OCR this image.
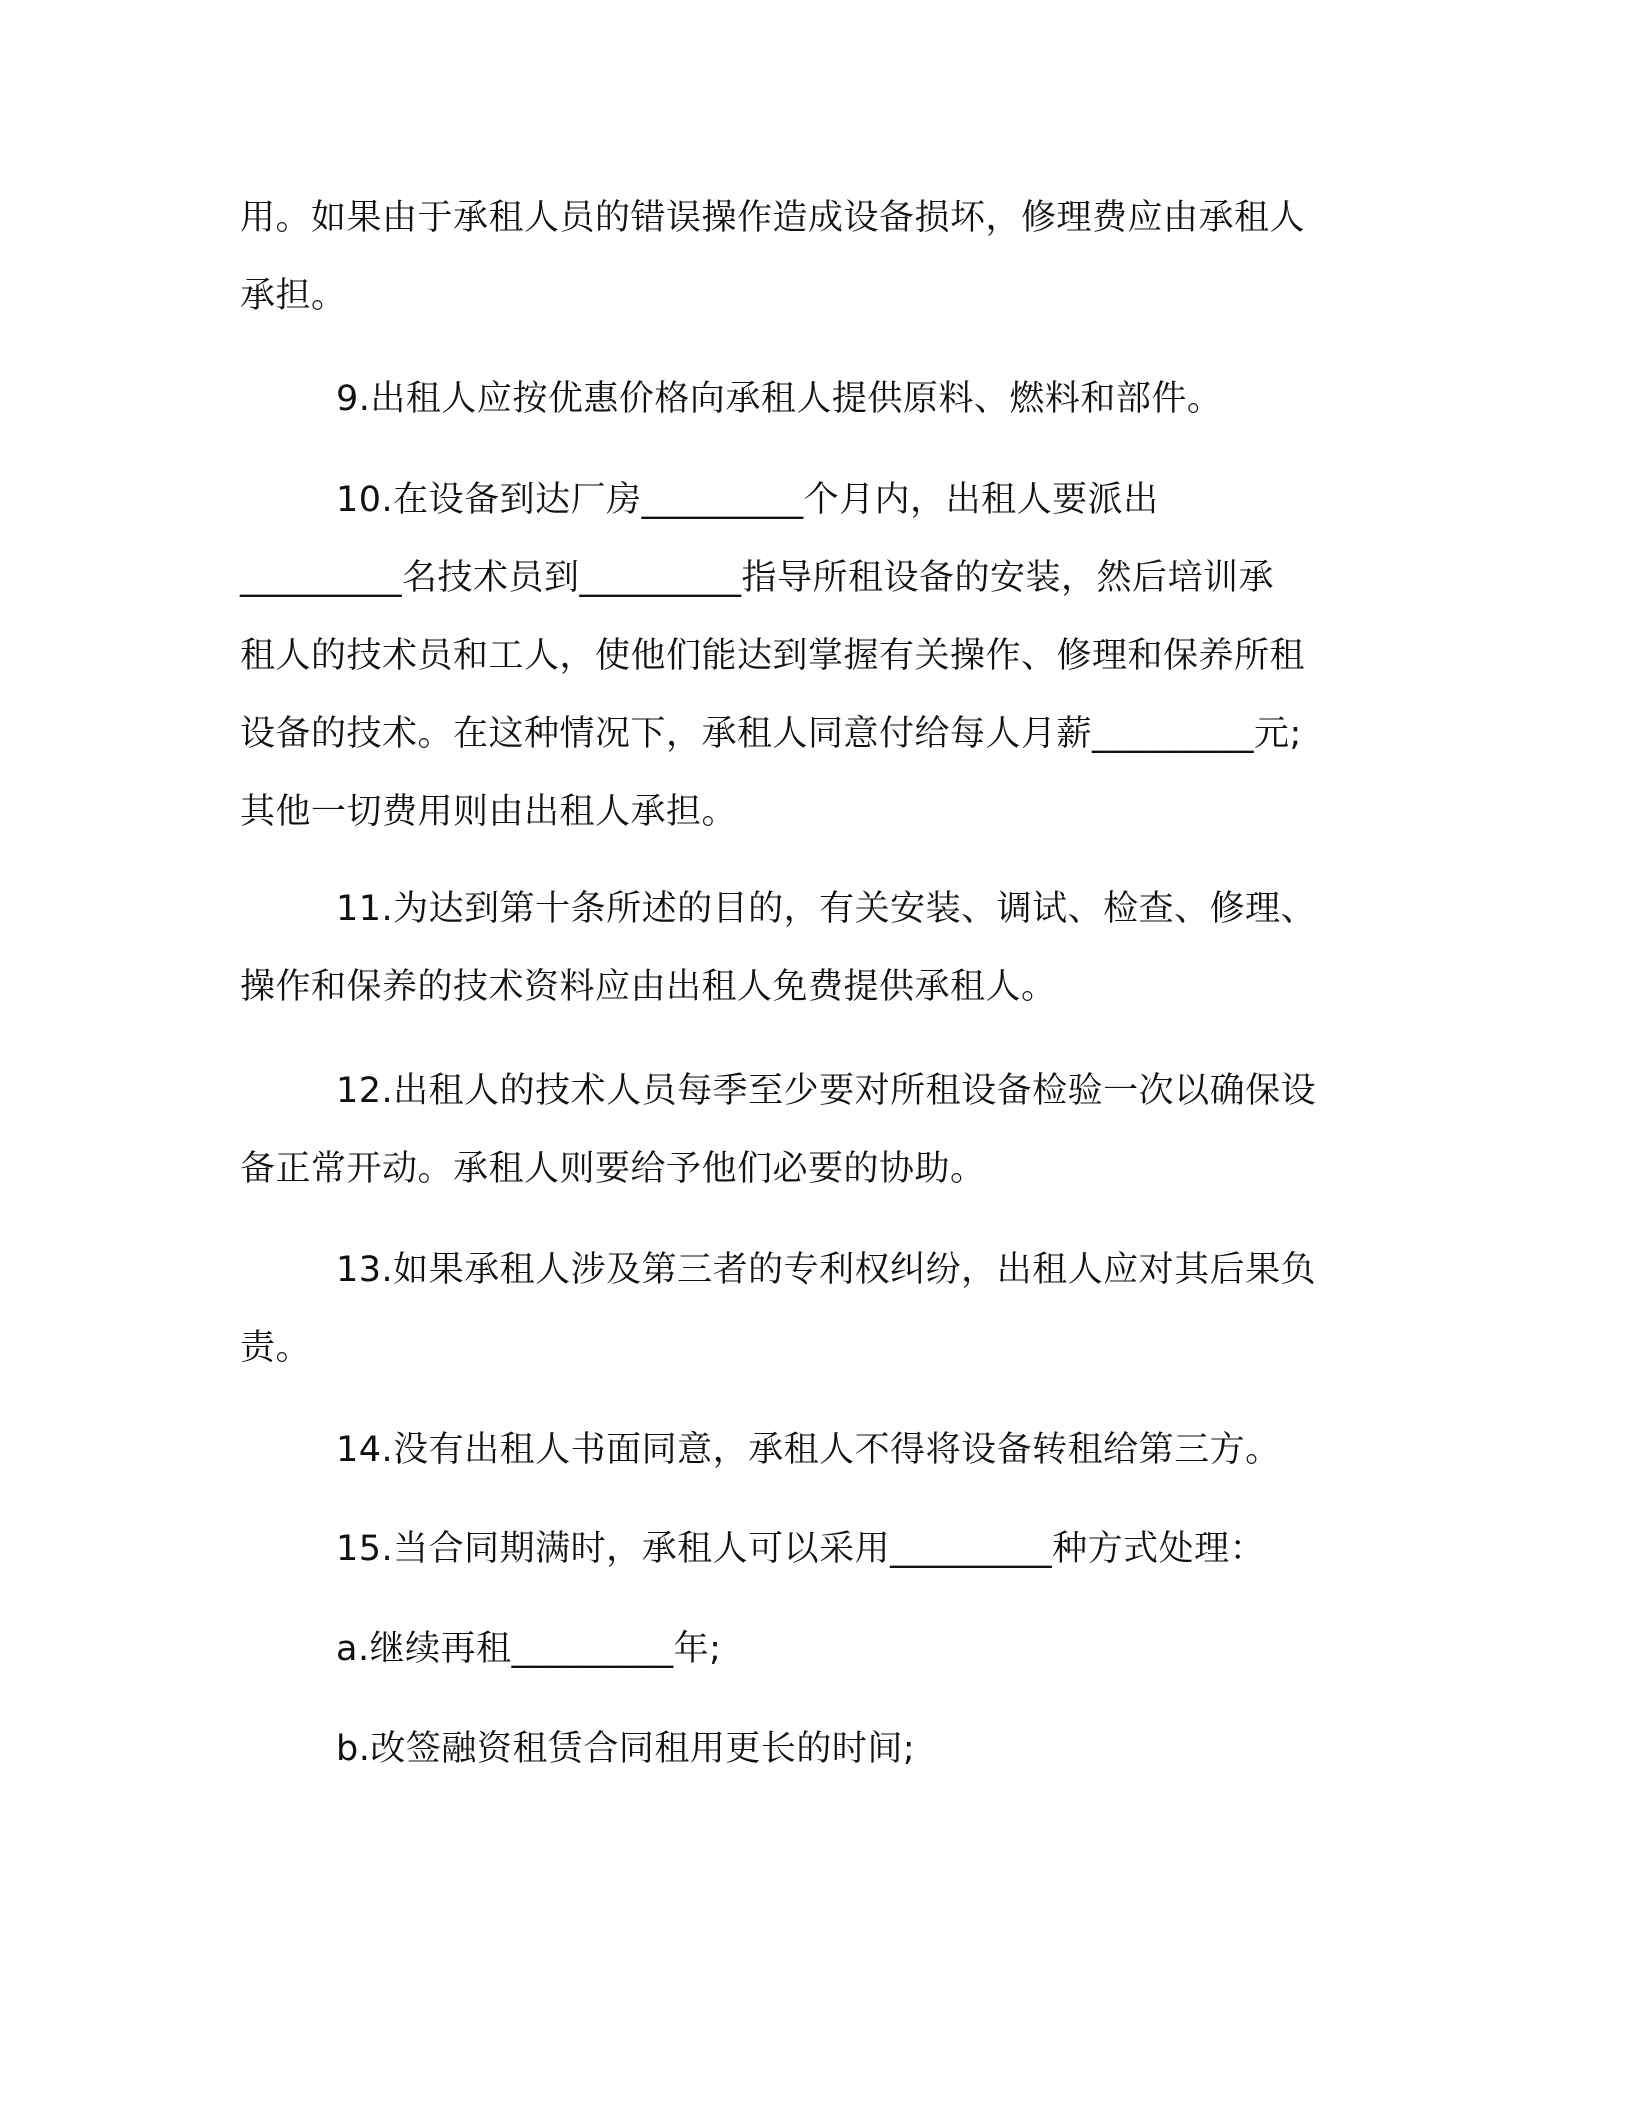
用。如果由于承租人员的错误操作造成设备损坏，修理费应由承租人
承担。
9.出租人应按优惠价格向承租人提供原料、燃料和部件。
10.在设备到达厂房_________个月内，出租人要派出
_________名技术员到_________指导所租设备的安装，然后培训承
租人的技术员和工人，使他们能达到掌握有关操作、修理和保养所租
设备的技术。在这种情况下，承租人同意付给每人月薪_________元;
其他一切费用则由出租人承担。
11.为达到第十条所述的目的，有关安装、调试、检查、修理、
操作和保养的技术资料应由出租人免费提供承租人。
12.出租人的技术人员每季至少要对所租设备检验一次以确保设
备正常开动。承租人则要给予他们必要的协助。
13.如果承租人涉及第三者的专利权纠纷，出租人应对其后果负
责。
14.没有出租人书面同意，承租人不得将设备转租给第三方。
15.当合同期满时，承租人可以采用_________种方式处理：
a.继续再租_________年;
b.改签融资租赁合同租用更长的时间;
